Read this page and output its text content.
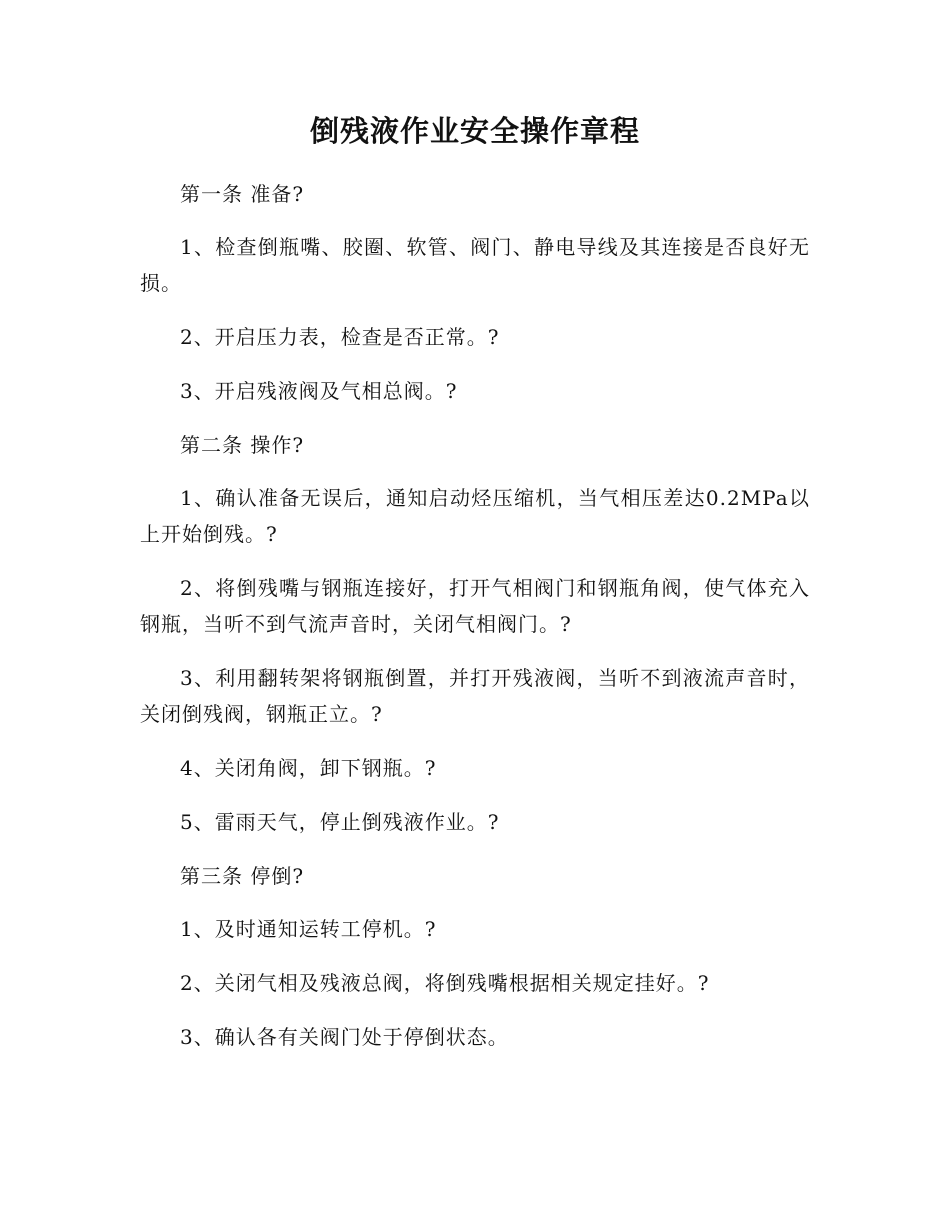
倒残液作业安全操作章程

第一条 准备?

1、检查倒瓶嘴、胶圈、软管、阀门、静电导线及其连接是否良好无损。

2、开启压力表，检查是否正常。?

3、开启残液阀及气相总阀。?

第二条 操作?

1、确认准备无误后，通知启动烃压缩机，当气相压差达0.2MPa以上开始倒残。?

2、将倒残嘴与钢瓶连接好，打开气相阀门和钢瓶角阀，使气体充入钢瓶，当听不到气流声音时，关闭气相阀门。?

3、利用翻转架将钢瓶倒置，并打开残液阀，当听不到液流声音时，关闭倒残阀，钢瓶正立。?

4、关闭角阀，卸下钢瓶。?

5、雷雨天气，停止倒残液作业。?

第三条 停倒?

1、及时通知运转工停机。?

2、关闭气相及残液总阀，将倒残嘴根据相关规定挂好。?

3、确认各有关阀门处于停倒状态。
